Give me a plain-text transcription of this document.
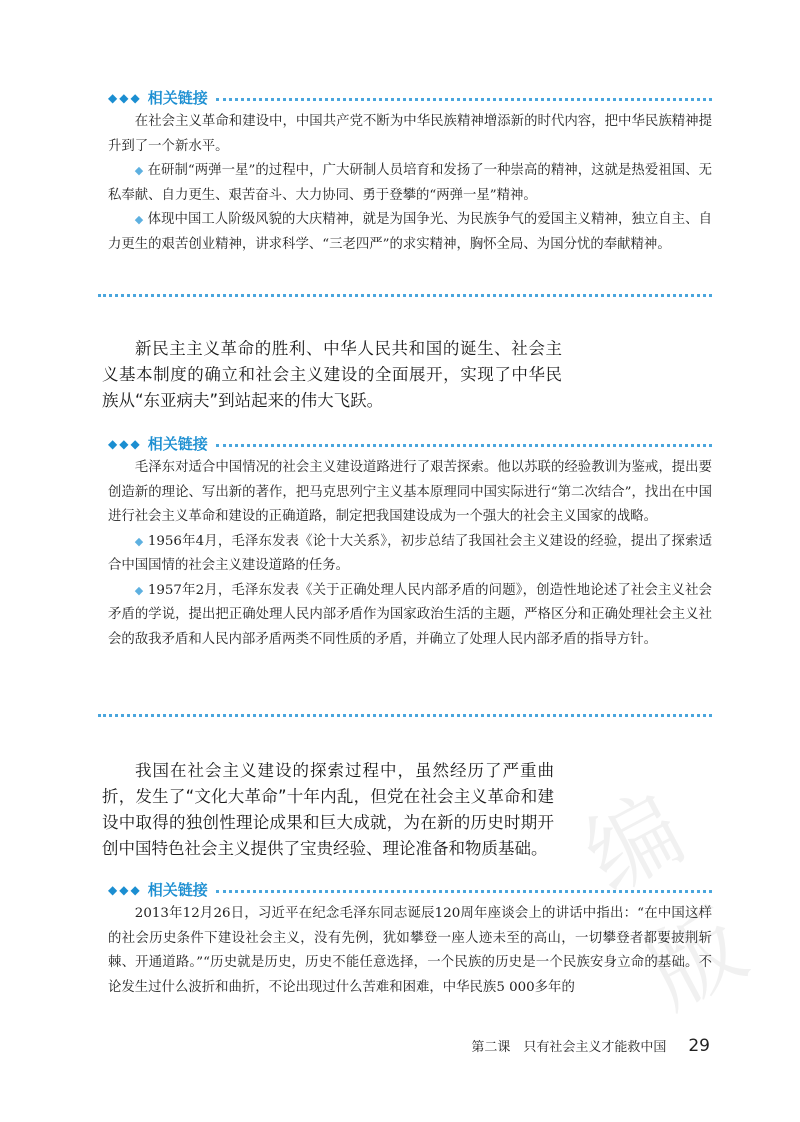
编版
◆◆◆ 相关链接

在社会主义革命和建设中，中国共产党不断为中华民族精神增添新的时代内容，把中华民族精神提升到了一个新水平。

◆ 在研制“两弹一星”的过程中，广大研制人员培育和发扬了一种崇高的精神，这就是热爱祖国、无私奉献、自力更生、艰苦奋斗、大力协同、勇于登攀的“两弹一星”精神。

◆ 体现中国工人阶级风貌的大庆精神，就是为国争光、为民族争气的爱国主义精神，独立自主、自力更生的艰苦创业精神，讲求科学、“三老四严”的求实精神，胸怀全局、为国分忧的奉献精神。

新民主主义革命的胜利、中华人民共和国的诞生、社会主义基本制度的确立和社会主义建设的全面展开，实现了中华民族从“东亚病夫”到站起来的伟大飞跃。

◆◆◆ 相关链接

毛泽东对适合中国情况的社会主义建设道路进行了艰苦探索。他以苏联的经验教训为鉴戒，提出要创造新的理论、写出新的著作，把马克思列宁主义基本原理同中国实际进行“第二次结合”，找出在中国进行社会主义革命和建设的正确道路，制定把我国建设成为一个强大的社会主义国家的战略。

◆ 1956年4月，毛泽东发表《论十大关系》，初步总结了我国社会主义建设的经验，提出了探索适合中国国情的社会主义建设道路的任务。

◆ 1957年2月，毛泽东发表《关于正确处理人民内部矛盾的问题》，创造性地论述了社会主义社会矛盾的学说，提出把正确处理人民内部矛盾作为国家政治生活的主题，严格区分和正确处理社会主义社会的敌我矛盾和人民内部矛盾两类不同性质的矛盾，并确立了处理人民内部矛盾的指导方针。

我国在社会主义建设的探索过程中，虽然经历了严重曲折，发生了“文化大革命”十年内乱，但党在社会主义革命和建设中取得的独创性理论成果和巨大成就，为在新的历史时期开创中国特色社会主义提供了宝贵经验、理论准备和物质基础。

◆◆◆ 相关链接

2013年12月26日，习近平在纪念毛泽东同志诞辰120周年座谈会上的讲话中指出：“在中国这样的社会历史条件下建设社会主义，没有先例，犹如攀登一座人迹未至的高山，一切攀登者都要披荆斩棘、开通道路。”“历史就是历史，历史不能任意选择，一个民族的历史是一个民族安身立命的基础。不论发生过什么波折和曲折，不论出现过什么苦难和困难，中华民族5 000多年的

第二课　只有社会主义才能救中国 29
